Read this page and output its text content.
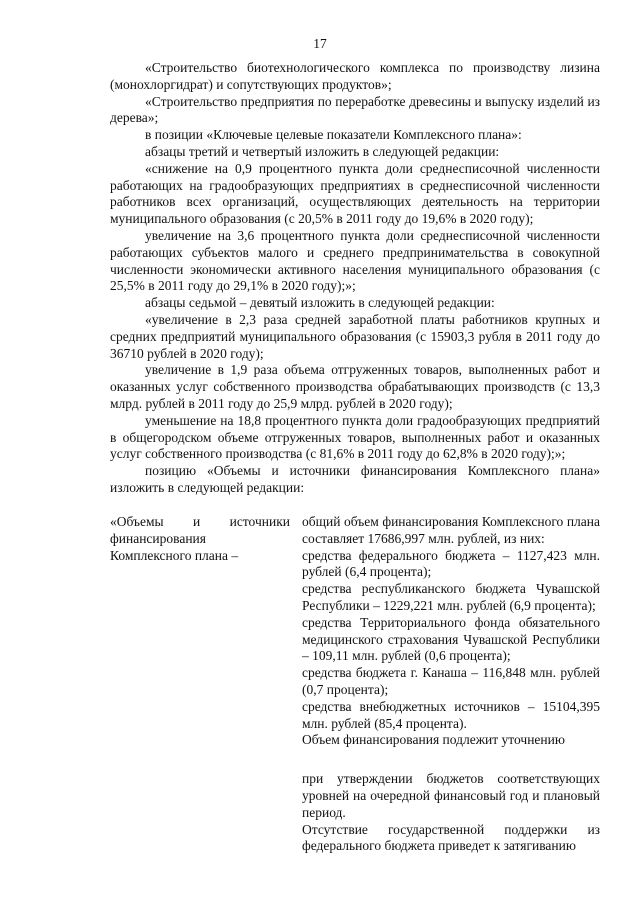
17

«Строительство биотехнологического комплекса по производству лизина (монохлоргидрат) и сопутствующих продуктов»;

«Строительство предприятия по переработке древесины и выпуску изделий из дерева»;

в позиции «Ключевые целевые показатели Комплексного плана»:

абзацы третий и четвертый изложить в следующей редакции:

«снижение на 0,9 процентного пункта доли среднесписочной численности работающих на градообразующих предприятиях в среднесписочной численности работников всех организаций, осуществляющих деятельность на территории муниципального образования (с 20,5% в 2011 году до 19,6% в 2020 году);

увеличение на 3,6 процентного пункта доли среднесписочной численности работающих субъектов малого и среднего предпринимательства в совокупной численности экономически активного населения муниципального образования (с 25,5% в 2011 году до 29,1% в 2020 году);»;

абзацы седьмой – девятый изложить в следующей редакции:

«увеличение в 2,3 раза средней заработной платы работников крупных и средних предприятий муниципального образования (с 15903,3 рубля в 2011 году до 36710 рублей в 2020 году);

увеличение в 1,9 раза объема отгруженных товаров, выполненных работ и оказанных услуг собственного производства обрабатывающих производств (с 13,3 млрд. рублей в 2011 году до 25,9 млрд. рублей в 2020 году);

уменьшение на 18,8 процентного пункта доли градообразующих предприятий в общегородском объеме отгруженных товаров, выполненных работ и оказанных услуг собственного производства (с 81,6% в 2011 году до 62,8% в 2020 году);»;

позицию «Объемы и источники финансирования Комплексного плана» изложить в следующей редакции:

«Объемы и источники финансирования Комплексного плана –

общий объем финансирования Комплексного плана составляет 17686,997 млн. рублей, из них:

средства федерального бюджета – 1127,423 млн. рублей (6,4 процента);

средства республиканского бюджета Чувашской Республики – 1229,221 млн. рублей (6,9 процента);

средства Территориального фонда обязательного медицинского страхования Чувашской Республики – 109,11 млн. рублей (0,6 процента);

средства бюджета г. Канаша – 116,848 млн. рублей (0,7 процента);

средства внебюджетных источников – 15104,395 млн. рублей (85,4 процента).

Объем финансирования подлежит уточнению

при утверждении бюджетов соответствующих уровней на очередной финансовый год и плановый период.

Отсутствие государственной поддержки из федерального бюджета приведет к затягиванию
